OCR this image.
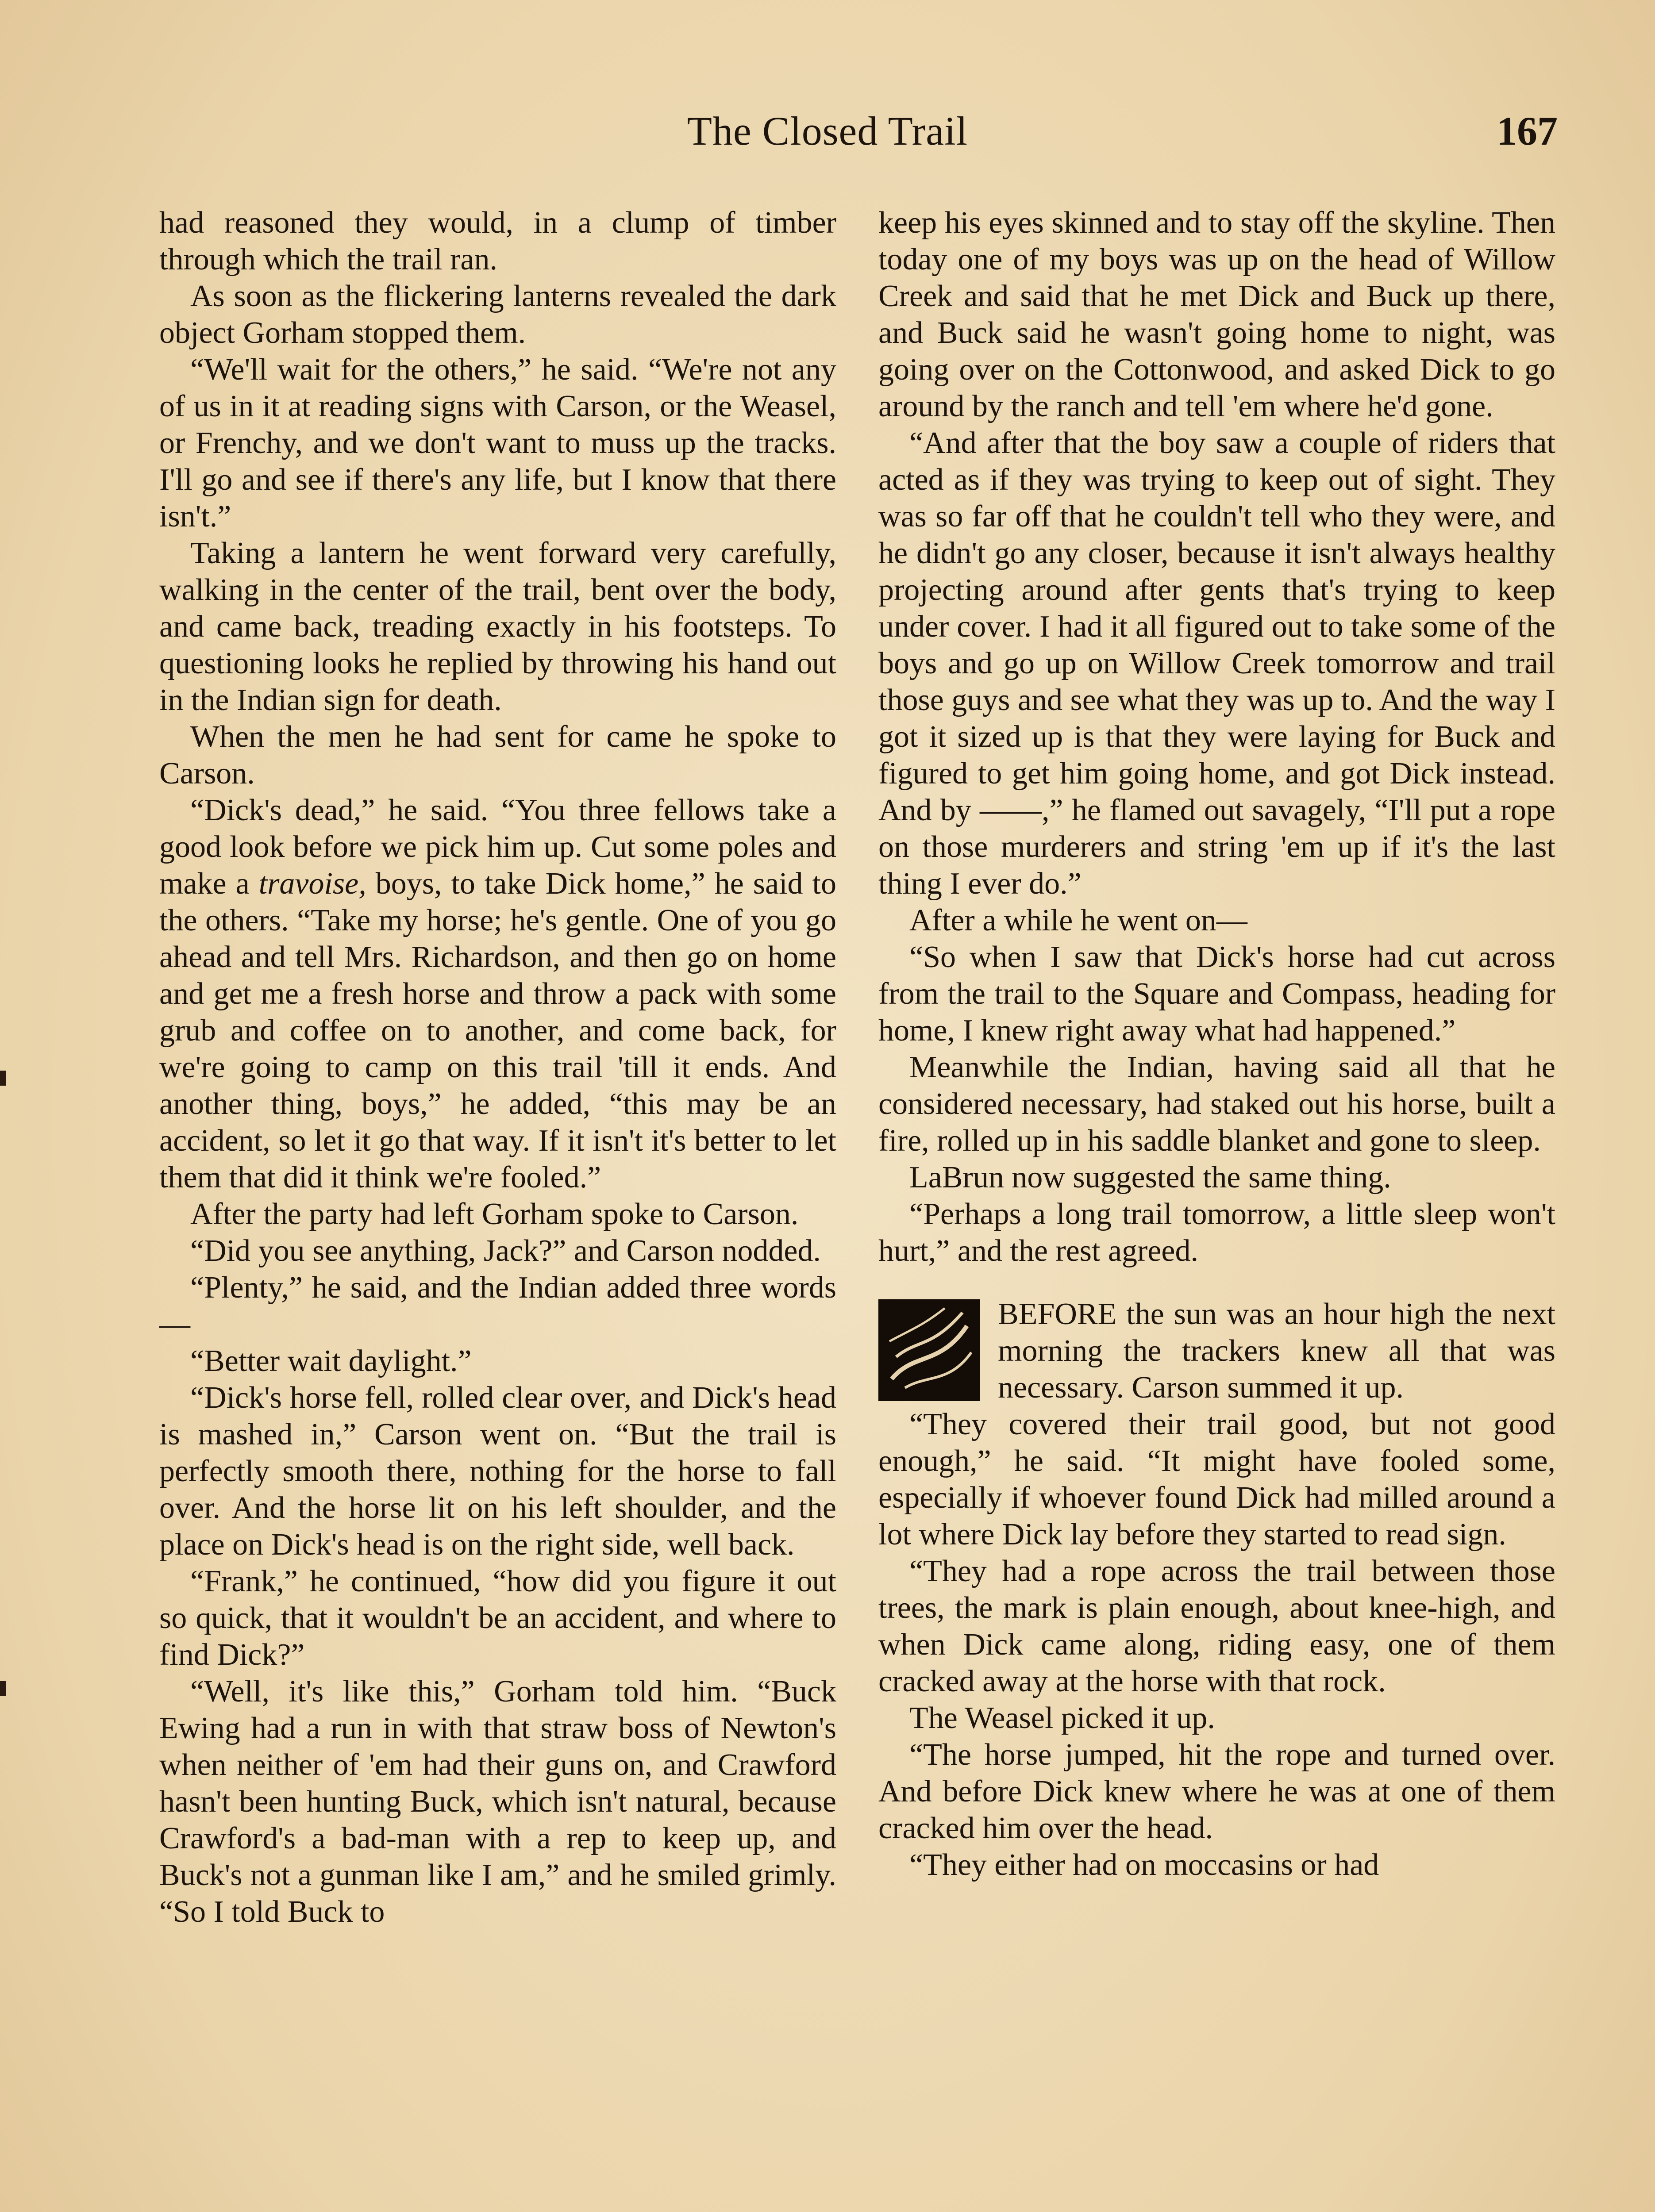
The Closed Trail	167

had reasoned they would, in a clump of timber through which the trail ran.

As soon as the flickering lanterns revealed the dark object Gorham stopped them.

“We'll wait for the others,” he said. “We're not any of us in it at reading signs with Carson, or the Weasel, or Frenchy, and we don't want to muss up the tracks. I'll go and see if there's any life, but I know that there isn't.”

Taking a lantern he went forward very carefully, walking in the center of the trail, bent over the body, and came back, treading exactly in his footsteps. To questioning looks he replied by throwing his hand out in the Indian sign for death.

When the men he had sent for came he spoke to Carson.

“Dick's dead,” he said. “You three fellows take a good look before we pick him up. Cut some poles and make a travoise, boys, to take Dick home,” he said to the others. “Take my horse; he's gentle. One of you go ahead and tell Mrs. Richardson, and then go on home and get me a fresh horse and throw a pack with some grub and coffee on to another, and come back, for we're going to camp on this trail 'till it ends. And another thing, boys,” he added, “this may be an accident, so let it go that way. If it isn't it's better to let them that did it think we're fooled.”

After the party had left Gorham spoke to Carson.

“Did you see anything, Jack?” and Carson nodded.

“Plenty,” he said, and the Indian added three words—

“Better wait daylight.”

“Dick's horse fell, rolled clear over, and Dick's head is mashed in,” Carson went on. “But the trail is perfectly smooth there, nothing for the horse to fall over. And the horse lit on his left shoulder, and the place on Dick's head is on the right side, well back.

“Frank,” he continued, “how did you figure it out so quick, that it wouldn't be an accident, and where to find Dick?”

“Well, it's like this,” Gorham told him. “Buck Ewing had a run in with that straw boss of Newton's when neither of 'em had their guns on, and Crawford hasn't been hunting Buck, which isn't natural, because Crawford's a bad-man with a rep to keep up, and Buck's not a gunman like I am,” and he smiled grimly. “So I told Buck to

keep his eyes skinned and to stay off the skyline. Then today one of my boys was up on the head of Willow Creek and said that he met Dick and Buck up there, and Buck said he wasn't going home to night, was going over on the Cottonwood, and asked Dick to go around by the ranch and tell 'em where he'd gone.

“And after that the boy saw a couple of riders that acted as if they was trying to keep out of sight. They was so far off that he couldn't tell who they were, and he didn't go any closer, because it isn't always healthy projecting around after gents that's trying to keep under cover. I had it all figured out to take some of the boys and go up on Willow Creek tomorrow and trail those guys and see what they was up to. And the way I got it sized up is that they were laying for Buck and figured to get him going home, and got Dick instead. And by ——,” he flamed out savagely, “I'll put a rope on those murderers and string 'em up if it's the last thing I ever do.”

After a while he went on—

“So when I saw that Dick's horse had cut across from the trail to the Square and Compass, heading for home, I knew right away what had happened.”

Meanwhile the Indian, having said all that he considered necessary, had staked out his horse, built a fire, rolled up in his saddle blanket and gone to sleep.

LaBrun now suggested the same thing.

“Perhaps a long trail tomorrow, a little sleep won't hurt,” and the rest agreed.

BEFORE the sun was an hour high the next morning the trackers knew all that was necessary. Carson summed it up.

“They covered their trail good, but not good enough,” he said. “It might have fooled some, especially if whoever found Dick had milled around a lot where Dick lay before they started to read sign.

“They had a rope across the trail between those trees, the mark is plain enough, about knee-high, and when Dick came along, riding easy, one of them cracked away at the horse with that rock.

The Weasel picked it up.

“The horse jumped, hit the rope and turned over. And before Dick knew where he was at one of them cracked him over the head.

“They either had on moccasins or had
